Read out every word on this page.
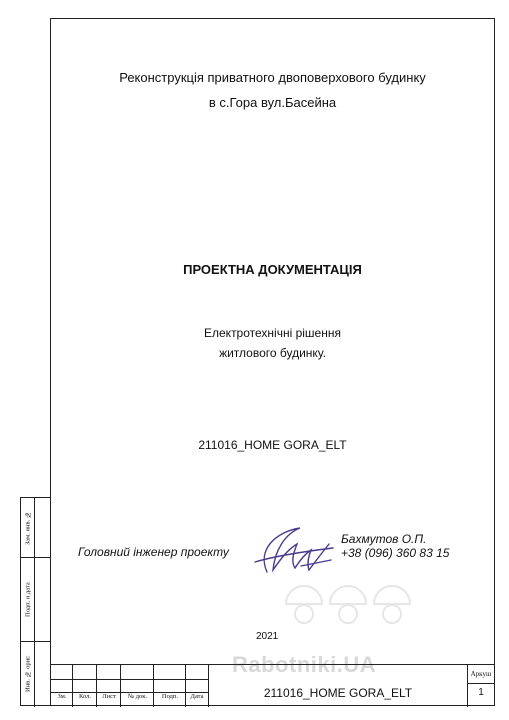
Реконструкція приватного двоповерхового будинку
в с.Гора вул.Басейна
ПРОЕКТНА ДОКУМЕНТАЦІЯ
Електротехнічні рішення
житлового будинку.
211016_HOME GORA_ELT
Головний інженер проекту
Бахмутов О.П.
+38 (096) 360 83 15
2021
Rabotniki.UA
Зам. инв. №
Подп. и дата
Инв. № ориг.
Зм.	Кол.	Лнст	№ док.	Подп.	Дата	211016_HOME GORA_ELT
Аркуш
1
